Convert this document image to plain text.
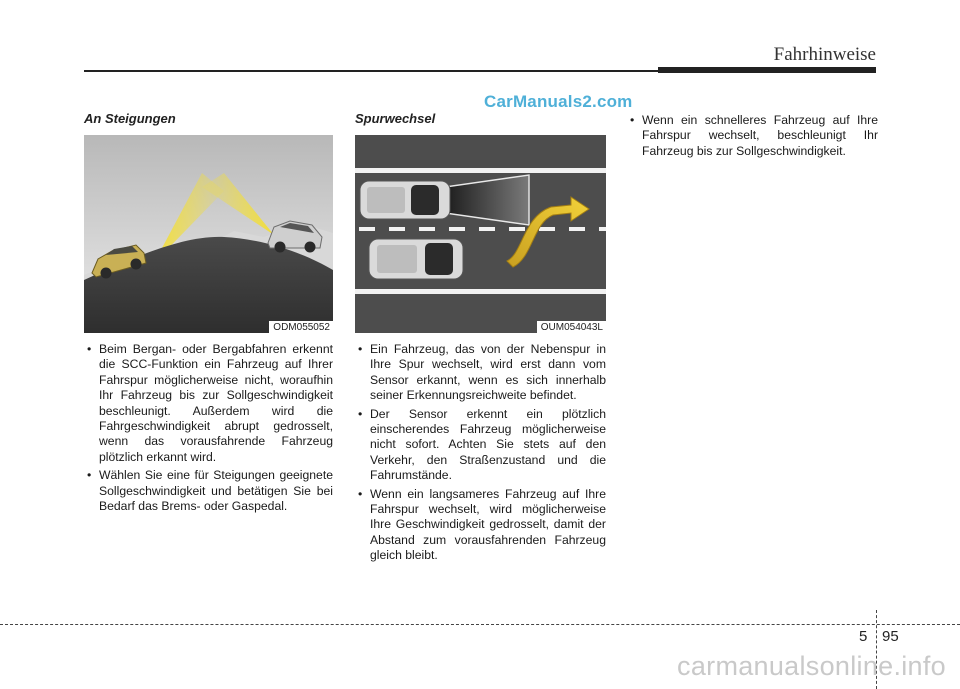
Fahrhinweise
CarManuals2.com
An Steigungen
ODM055052
• Beim Bergan- oder Bergabfahren erkennt die SCC-Funktion ein Fahrzeug auf Ihrer Fahrspur möglicherweise nicht, woraufhin Ihr Fahrzeug bis zur Sollgeschwindigkeit beschleunigt. Außerdem wird die Fahrgeschwindigkeit abrupt gedrosselt, wenn das vorausfahrende Fahrzeug plötzlich erkannt wird.
• Wählen Sie eine für Steigungen geeignete Sollgeschwindigkeit und betätigen Sie bei Bedarf das Brems- oder Gaspedal.
Spurwechsel
OUM054043L
• Ein Fahrzeug, das von der Nebenspur in Ihre Spur wechselt, wird erst dann vom Sensor erkannt, wenn es sich innerhalb seiner Erkennungsreichweite befindet.
• Der Sensor erkennt ein plötzlich einscherendes Fahrzeug möglicherweise nicht sofort. Achten Sie stets auf den Verkehr, den Straßenzustand und die Fahrumstände.
• Wenn ein langsameres Fahrzeug auf Ihre Fahrspur wechselt, wird möglicherweise Ihre Geschwindigkeit gedrosselt, damit der Abstand zum vorausfahrenden Fahrzeug gleich bleibt.
• Wenn ein schnelleres Fahrzeug auf Ihre Fahrspur wechselt, beschleunigt Ihr Fahrzeug bis zur Sollgeschwindigkeit.
5 95
carmanualsonline.info
